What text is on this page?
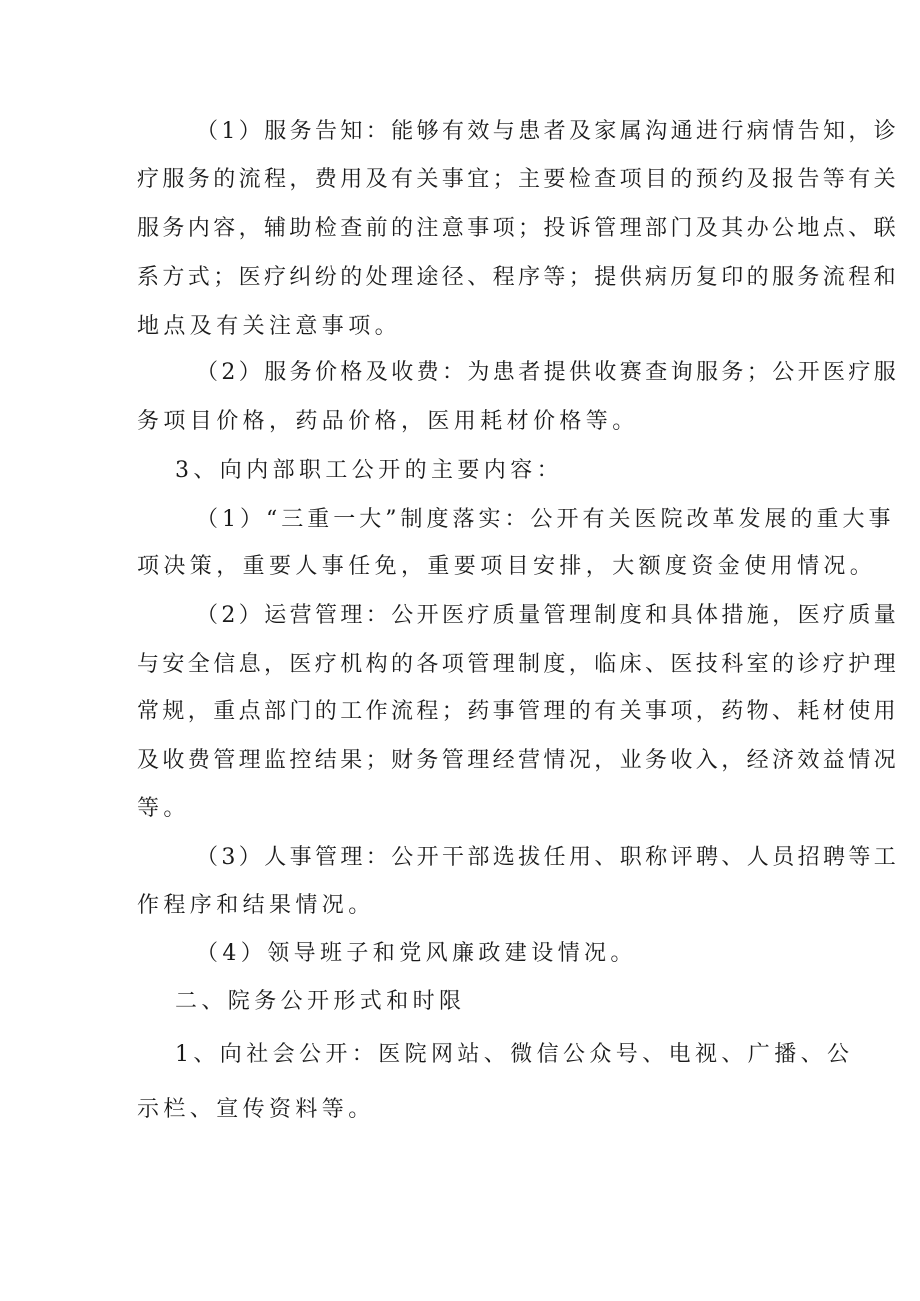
（1）服务告知：能够有效与患者及家属沟通进行病情告知，诊
疗服务的流程，费用及有关事宜；主要检查项目的预约及报告等有关
服务内容，辅助检查前的注意事项；投诉管理部门及其办公地点、联
系方式；医疗纠纷的处理途径、程序等；提供病历复印的服务流程和
地点及有关注意事项。
（2）服务价格及收费：为患者提供收赛查询服务；公开医疗服
务项目价格，药品价格，医用耗材价格等。
3、向内部职工公开的主要内容：
（1）“三重一大”制度落实：公开有关医院改革发展的重大事
项决策，重要人事任免，重要项目安排，大额度资金使用情况。
（2）运营管理：公开医疗质量管理制度和具体措施，医疗质量
与安全信息，医疗机构的各项管理制度，临床、医技科室的诊疗护理
常规，重点部门的工作流程；药事管理的有关事项，药物、耗材使用
及收费管理监控结果；财务管理经营情况，业务收入，经济效益情况
等。
（3）人事管理：公开干部选拔任用、职称评聘、人员招聘等工
作程序和结果情况。
（4）领导班子和党风廉政建设情况。
二、院务公开形式和时限
1、向社会公开：医院网站、微信公众号、电视、广播、公
示栏、宣传资料等。
